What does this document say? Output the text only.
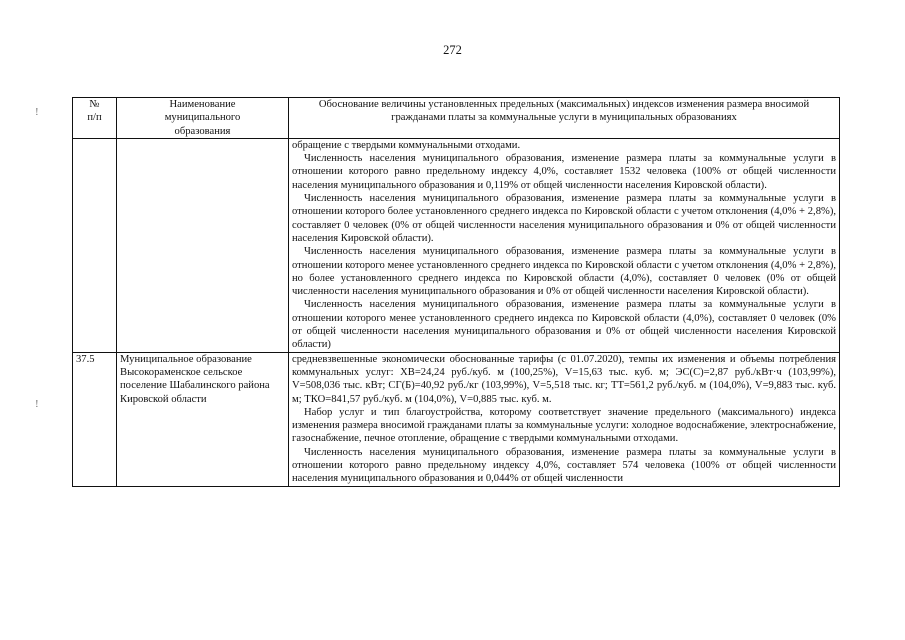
272
!
!
№
п/п	Наименование
муниципального
образования	Обоснование величины установленных предельных (максимальных) индексов изменения размера вносимой гражданами платы за коммунальные услуги в муниципальных образованиях

		обращение с твердыми коммунальными отходами.

Численность населения муниципального образования, изменение размера платы за коммунальные услуги в отношении которого равно предельному индексу 4,0%, составляет 1532 человека (100% от общей численности населения муниципального образования и 0,119% от общей численности населения Кировской области).

Численность населения муниципального образования, изменение размера платы за коммунальные услуги в отношении которого более установленного среднего индекса по Кировской области с учетом отклонения (4,0% + 2,8%), составляет 0 человек (0% от общей численности населения муниципального образования и 0% от общей численности населения Кировской области).

Численность населения муниципального образования, изменение размера платы за коммунальные услуги в отношении которого менее установленного среднего индекса по Кировской области с учетом отклонения (4,0% + 2,8%), но более установленного среднего индекса по Кировской области (4,0%), составляет 0 человек (0% от общей численности населения муниципального образования и 0% от общей численности населения Кировской области).

Численность населения муниципального образования, изменение размера платы за коммунальные услуги в отношении которого менее установленного среднего индекса по Кировской области (4,0%), составляет 0 человек (0% от общей численности населения муниципального образования и 0% от общей численности населения Кировской области)

37.5	Муниципальное образование Высокораменское сельское поселение Шабалинского района Кировской области	средневзвешенные экономически обоснованные тарифы (с 01.07.2020), темпы их изменения и объемы потребления коммунальных услуг: ХВ=24,24 руб./куб. м (100,25%), V=15,63 тыс. куб. м; ЭС(С)=2,87 руб./кВт·ч (103,99%), V=508,036 тыс. кВт; СГ(Б)=40,92 руб./кг (103,99%), V=5,518 тыс. кг; ТТ=561,2 руб./куб. м (104,0%), V=9,883 тыс. куб. м; ТКО=841,57 руб./куб. м (104,0%), V=0,885 тыс. куб. м.

Набор услуг и тип благоустройства, которому соответствует значение предельного (максимального) индекса изменения размера вносимой гражданами платы за коммунальные услуги: холодное водоснабжение, электроснабжение, газоснабжение, печное отопление, обращение с твердыми коммунальными отходами.

Численность населения муниципального образования, изменение размера платы за коммунальные услуги в отношении которого равно предельному индексу 4,0%, составляет 574 человека (100% от общей численности населения муниципального образования и 0,044% от общей численности
